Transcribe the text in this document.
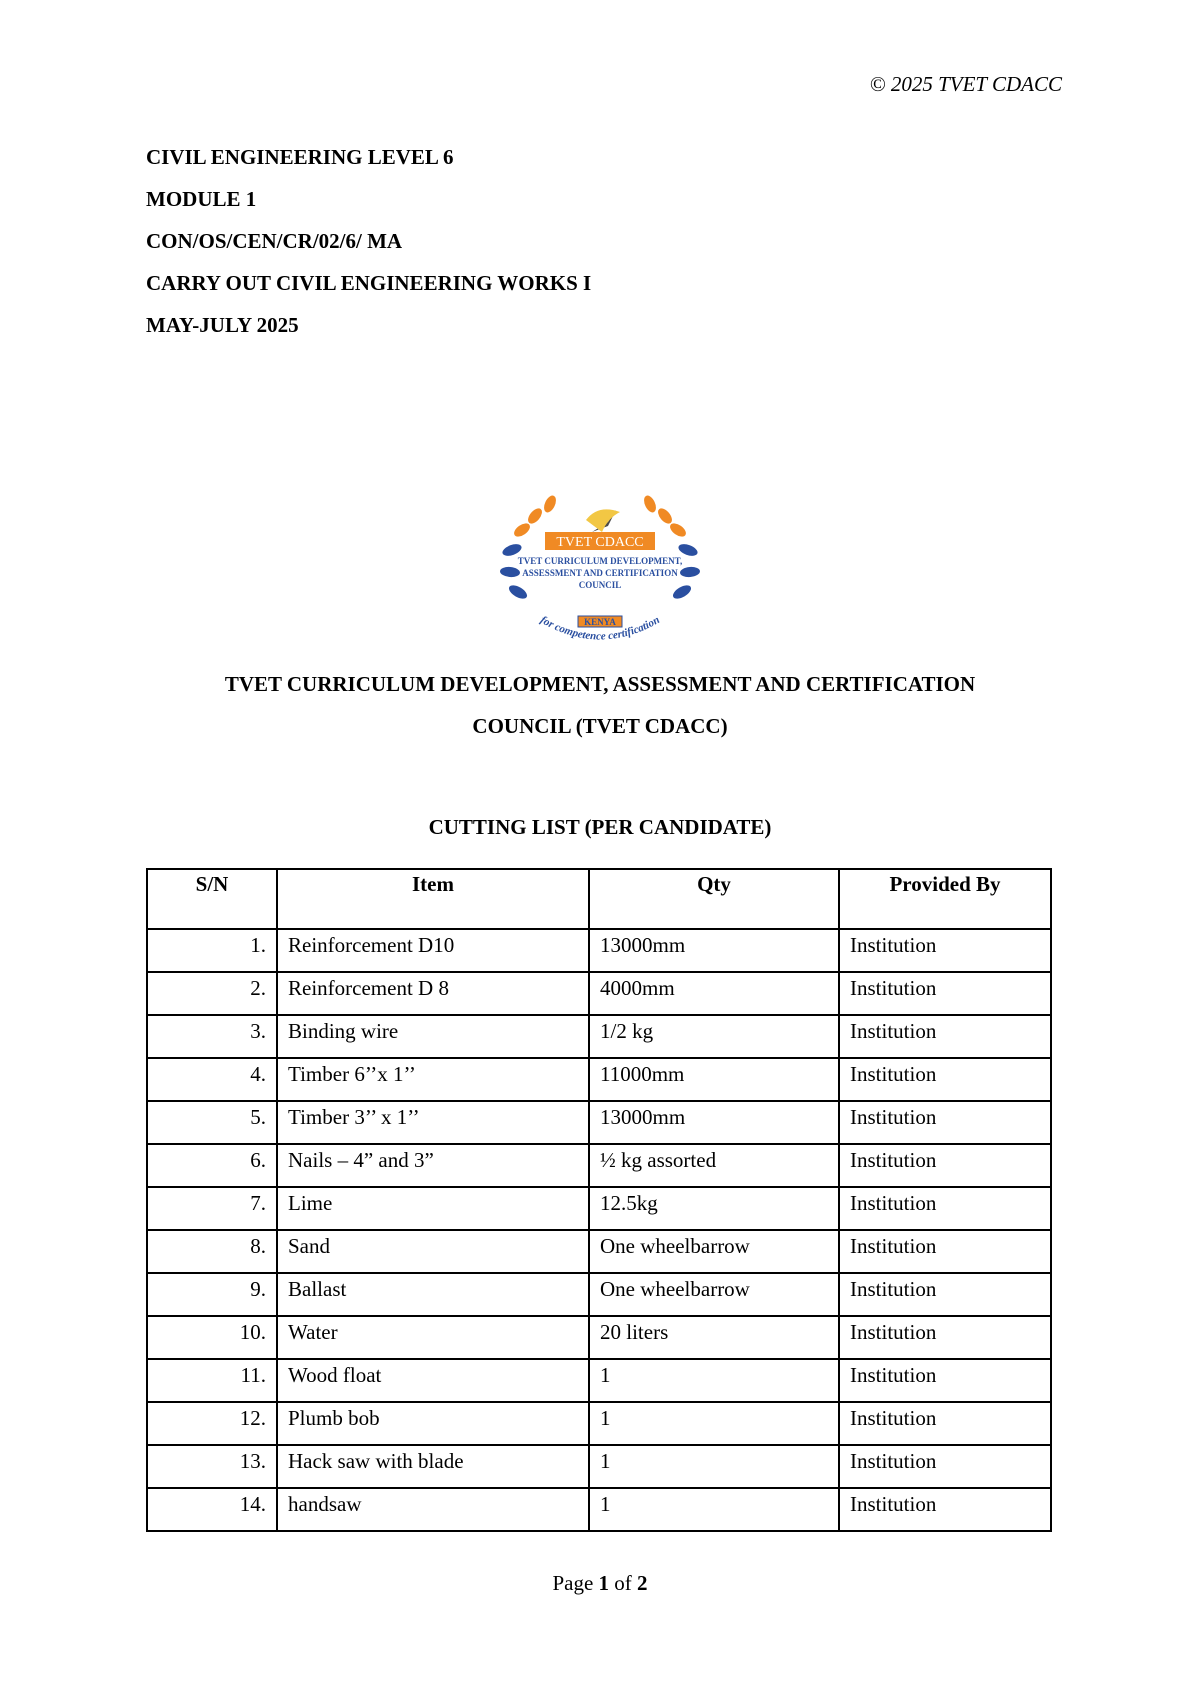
© 2025 TVET CDACC
CIVIL ENGINEERING LEVEL 6
MODULE 1
CON/OS/CEN/CR/02/6/ MA
CARRY OUT CIVIL ENGINEERING WORKS I
MAY-JULY 2025
TVET CDACC
TVET CURRICULUM DEVELOPMENT,
ASSESSMENT AND CERTIFICATION
COUNCIL
KENYA
for competence certification
TVET CURRICULUM DEVELOPMENT, ASSESSMENT AND CERTIFICATION
COUNCIL (TVET CDACC)
CUTTING LIST (PER CANDIDATE)
S/N	Item	Qty	Provided By
1.	Reinforcement D10	13000mm	Institution
2.	Reinforcement D 8	4000mm	Institution
3.	Binding wire	1/2 kg	Institution
4.	Timber 6’’x 1’’	11000mm	Institution
5.	Timber 3’’ x 1’’	13000mm	Institution
6.	Nails – 4” and 3”	½ kg assorted	Institution
7.	Lime	12.5kg	Institution
8.	Sand	One wheelbarrow	Institution
9.	Ballast	One wheelbarrow	Institution
10.	Water	20 liters	Institution
11.	Wood float	1	Institution
12.	Plumb bob	1	Institution
13.	Hack saw with blade	1	Institution
14.	handsaw	1	Institution
Page 1 of 2
